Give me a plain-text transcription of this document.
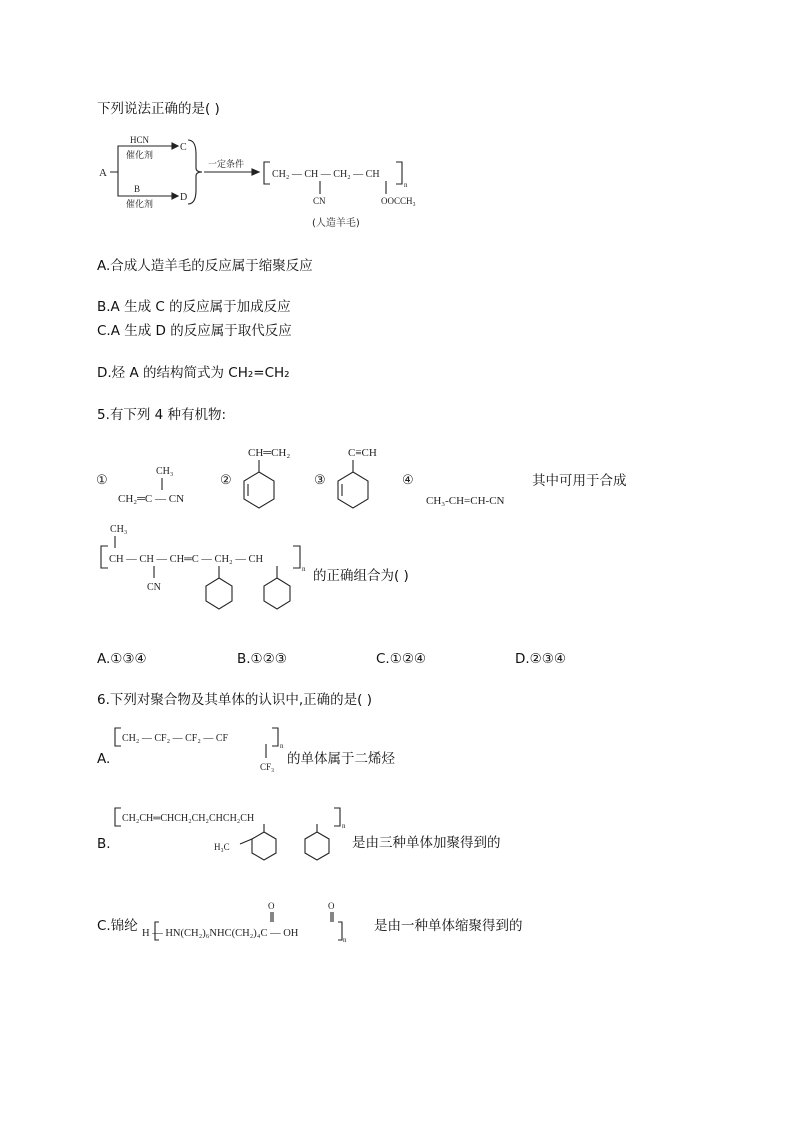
下列说法正确的是( )
A
HCN
催化剂
B
催化剂
C
D
一定条件
CH₂ — CH — CH₂ — CH
CN	OOCCH₃
n
(人造羊毛)
A.合成人造羊毛的反应属于缩聚反应
B.A 生成 C 的反应属于加成反应
C.A 生成 D 的反应属于取代反应
D.烃 A 的结构简式为 CH₂=CH₂
5.有下列 4 种有机物:
①
CH₃
CH₂═C — CN
②
CH═CH₂
③
C≡CH
④
CH₃-CH=CH-CN
其中可用于合成
CH₃
CH — CH — CH═C — CH₂ — CH
CN
n 的正确组合为( )
A.①③④	B.①②③	C.①②④	D.②③④
6.下列对聚合物及其单体的认识中,正确的是( )
A.
CH₂ — CF₂ — CF₂ — CF
CF₃
n
的单体属于二烯烃
B.
CH₂CH═CHCH₂CH₂CHCH₂CH
H₃C
n
是由三种单体加聚得到的
C.锦纶
O	O
H — HN(CH₂)₆NHC(CH₂)₄C — OH
n
是由一种单体缩聚得到的
